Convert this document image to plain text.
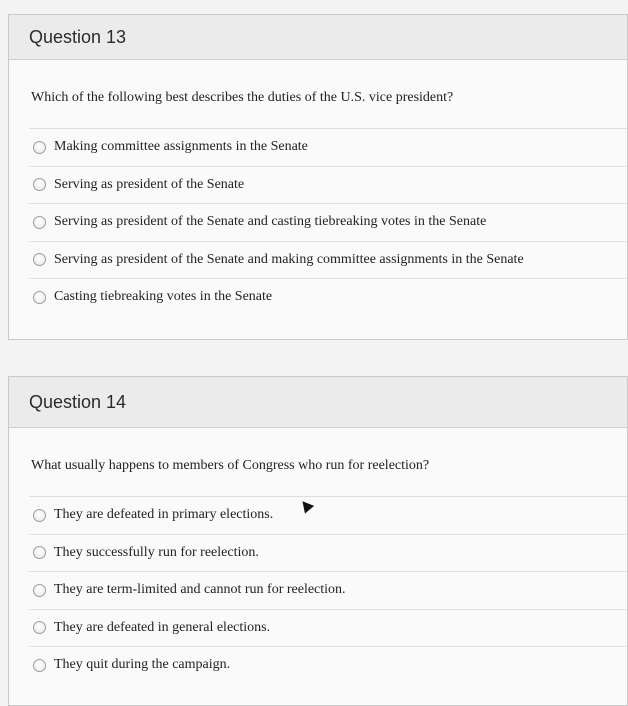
Question 13
Which of the following best describes the duties of the U.S. vice president?
Making committee assignments in the Senate
Serving as president of the Senate
Serving as president of the Senate and casting tiebreaking votes in the Senate
Serving as president of the Senate and making committee assignments in the Senate
Casting tiebreaking votes in the Senate
Question 14
What usually happens to members of Congress who run for reelection?
They are defeated in primary elections.
They successfully run for reelection.
They are term-limited and cannot run for reelection.
They are defeated in general elections.
They quit during the campaign.
